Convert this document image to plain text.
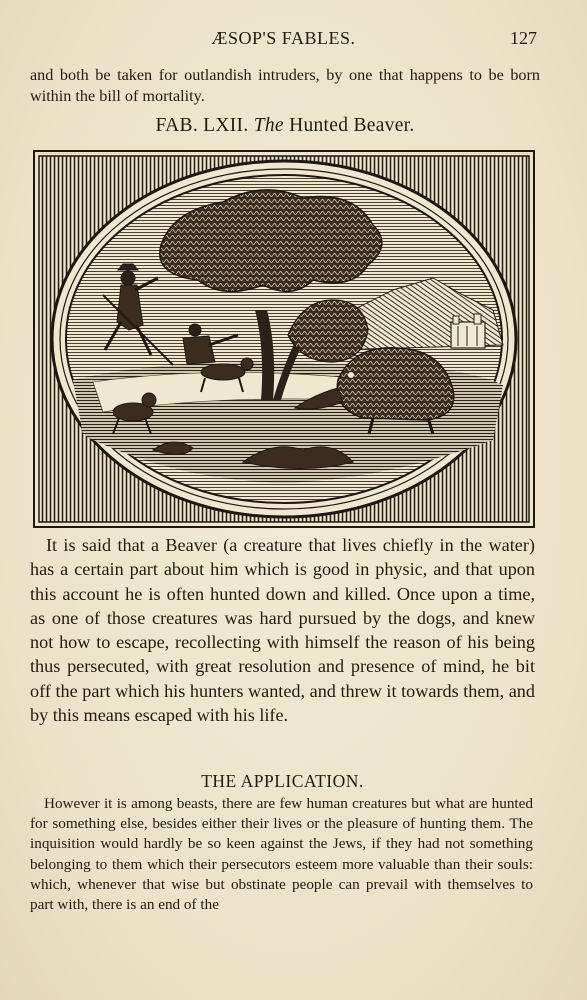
ÆSOP'S FABLES.	127
and both be taken for outlandish intruders, by one that happens to be born within the bill of mortality.
FAB. LXII. The Hunted Beaver.

It is said that a Beaver (a creature that lives chiefly in the water) has a certain part about him which is good in physic, and that upon this account he is often hunted down and killed. Once upon a time, as one of those creatures was hard pursued by the dogs, and knew not how to escape, recollecting with himself the reason of his being thus persecuted, with great resolution and presence of mind, he bit off the part which his hunters wanted, and threw it towards them, and by this means escaped with his life.

THE APPLICATION.

However it is among beasts, there are few human creatures but what are hunted for something else, besides either their lives or the pleasure of hunting them. The inquisition would hardly be so keen against the Jews, if they had not something belonging to them which their persecutors esteem more valuable than their souls: which, whenever that wise but obstinate people can prevail with themselves to part with, there is an end of the
